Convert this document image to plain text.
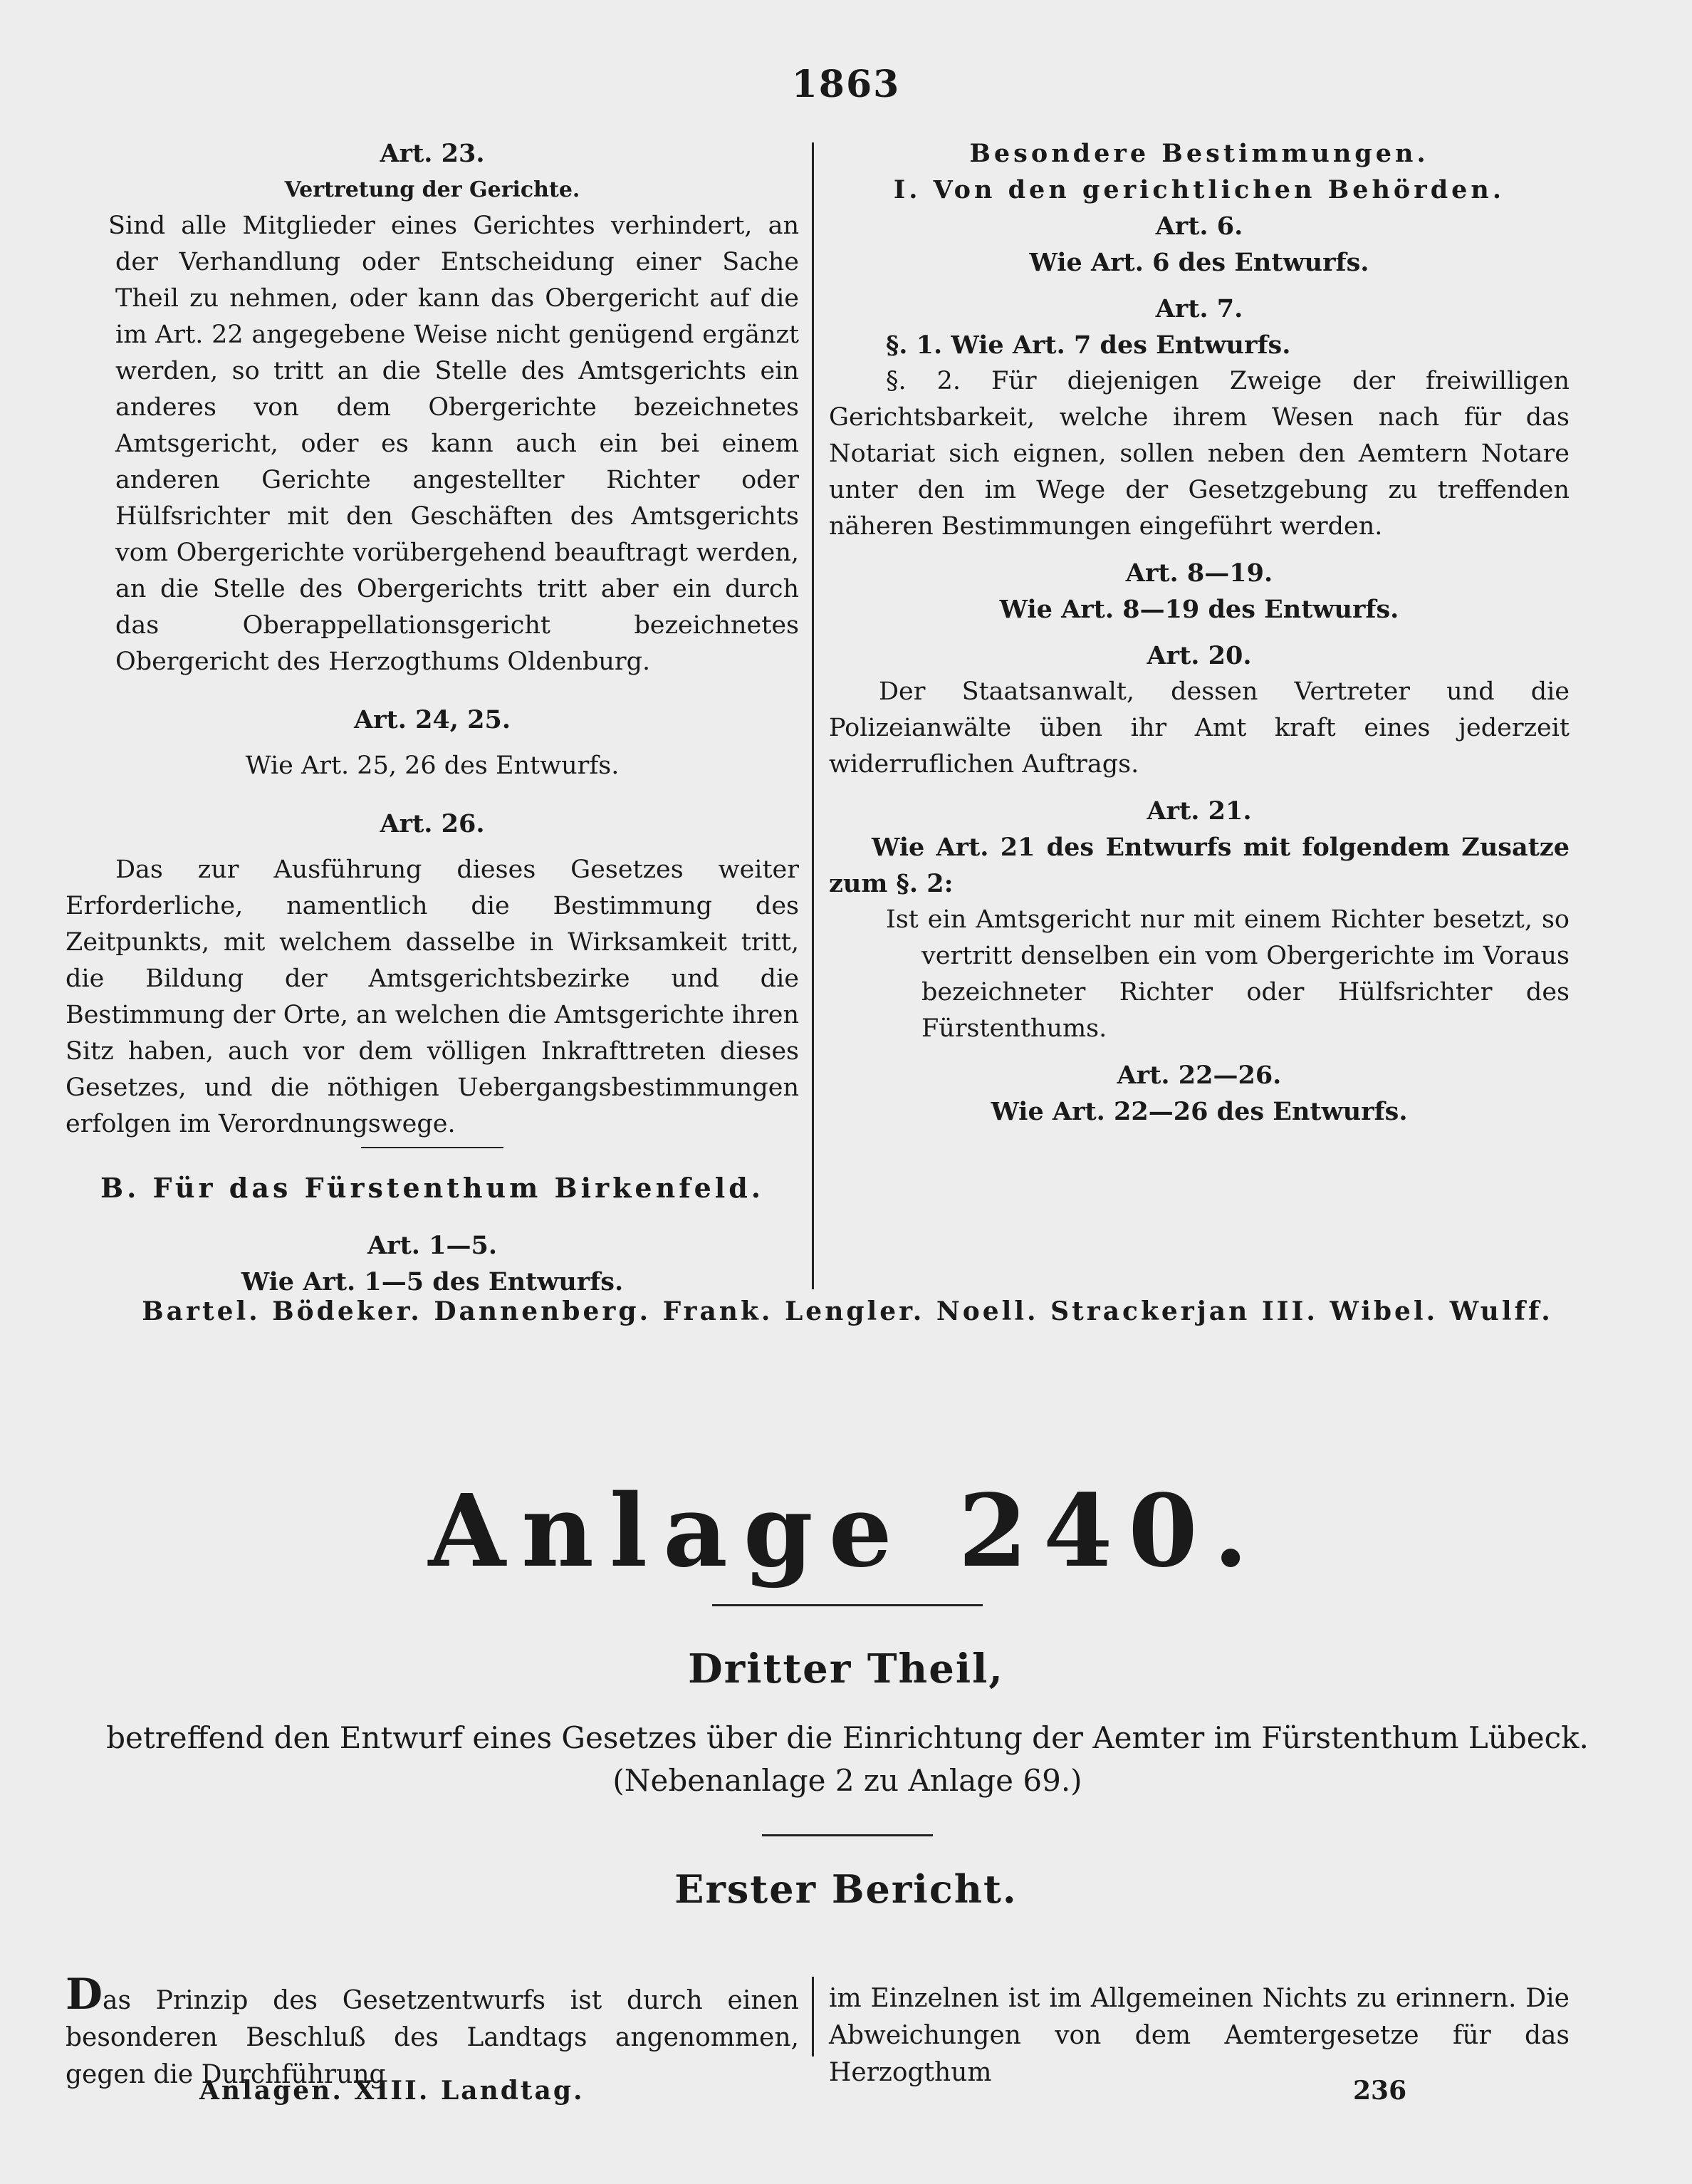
1863
Art. 23.
Vertretung der Gerichte.
Sind alle Mitglieder eines Gerichtes verhindert, an der Verhandlung oder Entscheidung einer Sache Theil zu nehmen, oder kann das Obergericht auf die im Art. 22 angegebene Weise nicht genügend ergänzt werden, so tritt an die Stelle des Amtsgerichts ein anderes von dem Obergerichte bezeichnetes Amtsgericht, oder es kann auch ein bei einem anderen Gerichte angestellter Richter oder Hülfsrichter mit den Geschäften des Amtsgerichts vom Obergerichte vorübergehend beauftragt werden, an die Stelle des Obergerichts tritt aber ein durch das Oberappellationsgericht bezeichnetes Obergericht des Herzogthums Oldenburg.
Art. 24, 25.
Wie Art. 25, 26 des Entwurfs.
Art. 26.
Das zur Ausführung dieses Gesetzes weiter Erforderliche, namentlich die Bestimmung des Zeitpunkts, mit welchem dasselbe in Wirksamkeit tritt, die Bildung der Amtsgerichtsbezirke und die Bestimmung der Orte, an welchen die Amtsgerichte ihren Sitz haben, auch vor dem völligen Inkrafttreten dieses Gesetzes, und die nöthigen Uebergangsbestimmungen erfolgen im Verordnungswege.
B. Für das Fürstenthum Birkenfeld.
Art. 1—5.
Wie Art. 1—5 des Entwurfs.
Besondere Bestimmungen.
I. Von den gerichtlichen Behörden.
Art. 6.
Wie Art. 6 des Entwurfs.
Art. 7.
§. 1. Wie Art. 7 des Entwurfs.
§. 2. Für diejenigen Zweige der freiwilligen Gerichtsbarkeit, welche ihrem Wesen nach für das Notariat sich eignen, sollen neben den Aemtern Notare unter den im Wege der Gesetzgebung zu treffenden näheren Bestimmungen eingeführt werden.
Art. 8—19.
Wie Art. 8—19 des Entwurfs.
Art. 20.
Der Staatsanwalt, dessen Vertreter und die Polizeianwälte üben ihr Amt kraft eines jederzeit widerruflichen Auftrags.
Art. 21.
Wie Art. 21 des Entwurfs mit folgendem Zusatze zum §. 2:
Ist ein Amtsgericht nur mit einem Richter besetzt, so vertritt denselben ein vom Obergerichte im Voraus bezeichneter Richter oder Hülfsrichter des Fürstenthums.
Art. 22—26.
Wie Art. 22—26 des Entwurfs.
Bartel. Bödeker. Dannenberg. Frank. Lengler. Noell. Strackerjan III. Wibel. Wulff.
Anlage 240.
Dritter Theil,
betreffend den Entwurf eines Gesetzes über die Einrichtung der Aemter im Fürstenthum Lübeck.
(Nebenanlage 2 zu Anlage 69.)
Erster Bericht.
Das Prinzip des Gesetzentwurfs ist durch einen besonderen Beschluß des Landtags angenommen, gegen die Durchführung
im Einzelnen ist im Allgemeinen Nichts zu erinnern. Die Abweichungen von dem Aemtergesetze für das Herzogthum
Anlagen. XIII. Landtag.	236
